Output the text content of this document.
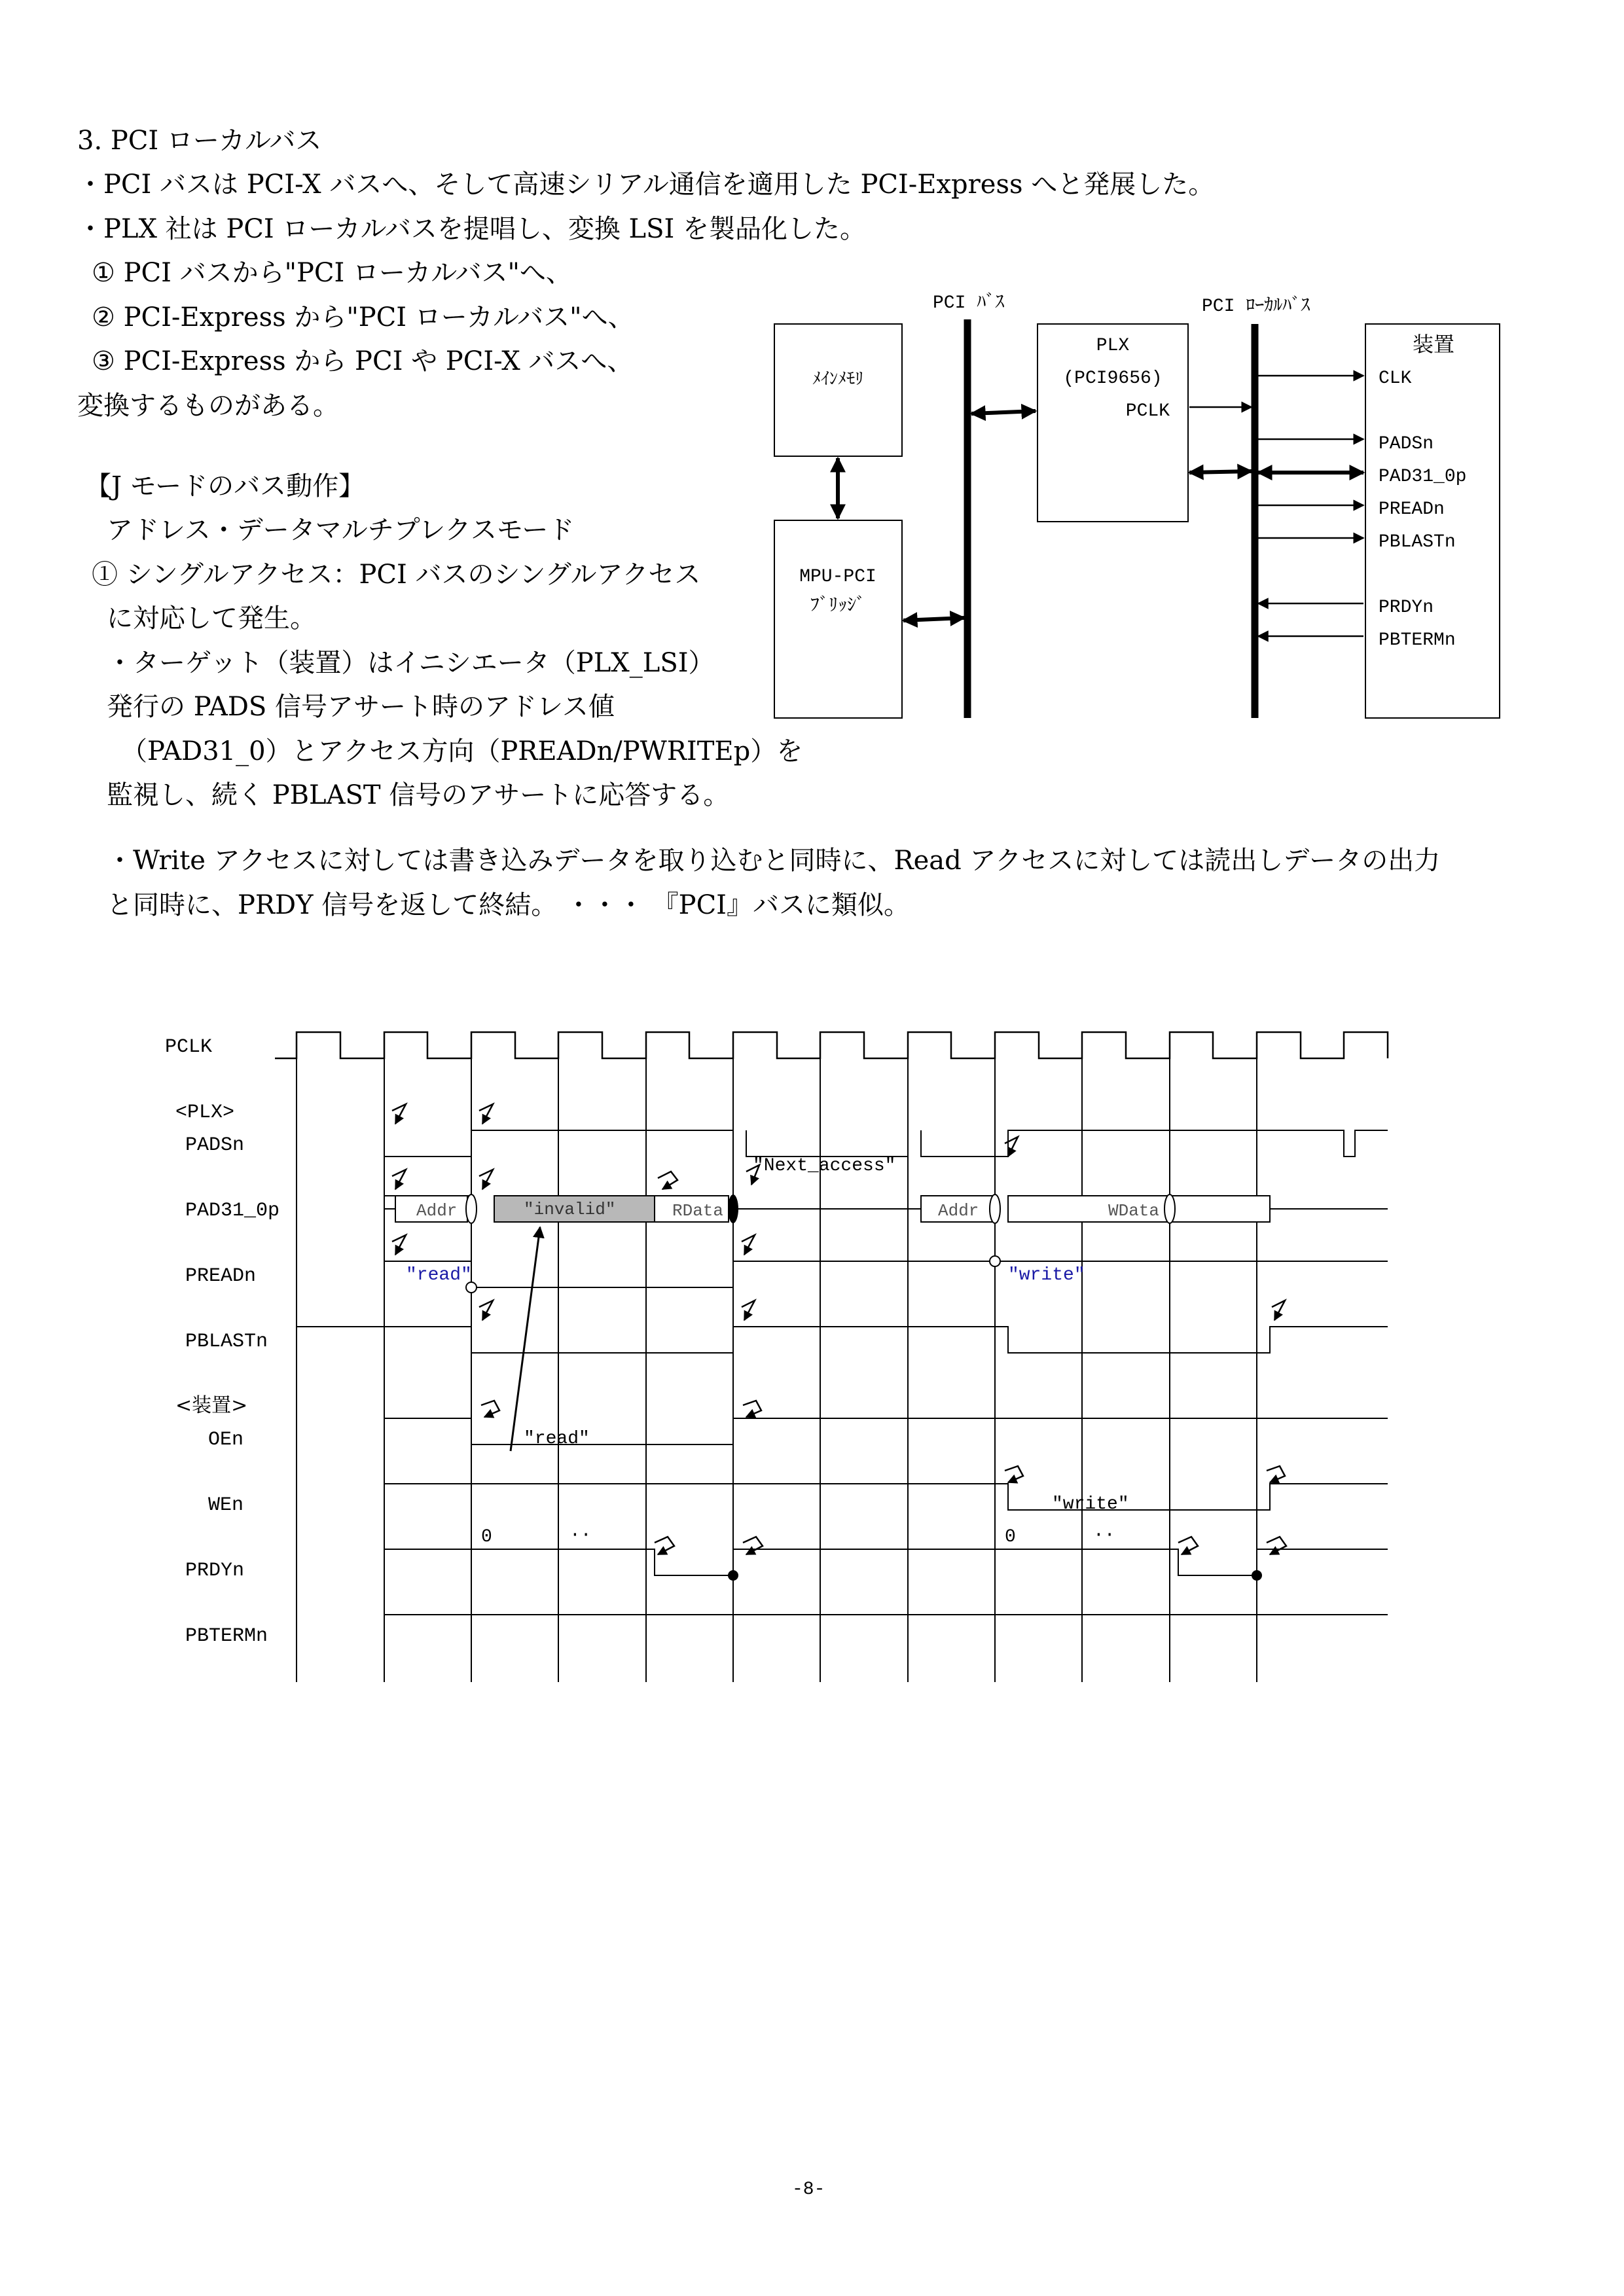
3. PCI ローカルバス

・PCI バスは PCI-X バスへ、そして高速シリアル通信を適用した PCI-Express へと発展した。

・PLX 社は PCI ローカルバスを提唱し、変換 LSI を製品化した。

① PCI バスから"PCI ローカルバス"へ、

② PCI-Express から"PCI ローカルバス"へ、

③ PCI-Express から PCI や PCI-X バスへ、

変換するものがある。

【J モードのバス動作】

アドレス・データマルチプレクスモード

① シングルアクセス：PCI バスのシングルアクセス

に対応して発生。

・ターゲット（装置）はイニシエータ（PLX_LSI）

発行の PADS 信号アサート時のアドレス値

（PAD31_0）とアクセス方向（PREADn/PWRITEp）を

監視し、続く PBLAST 信号のアサートに応答する。

・Write アクセスに対しては書き込みデータを取り込むと同時に、Read アクセスに対しては読出しデータの出力

と同時に、PRDY 信号を返して終結。 ・・・ 『PCI』バスに類似。

ﾒｲﾝﾒﾓﾘ
MPU-PCI
ﾌﾞﾘｯｼﾞ
PLX
(PCI9656)
PCLK
装置
CLK
PADSn
PAD31_0p
PREADn
PBLASTn
PRDYn
PBTERMn
PCI ﾊﾞｽ	PCI ﾛｰｶﾙﾊﾞｽ
PCLK
<PLX>
PADSn
PAD31_0p
PREADn
PBLASTn
<装置>
OEn
WEn
PRDYn
PBTERMn
Addr	"invalid"	RData	Addr	WData
"Next_access"
"read"	"write"
"read"
"write"
0	··	0	··
-8-
